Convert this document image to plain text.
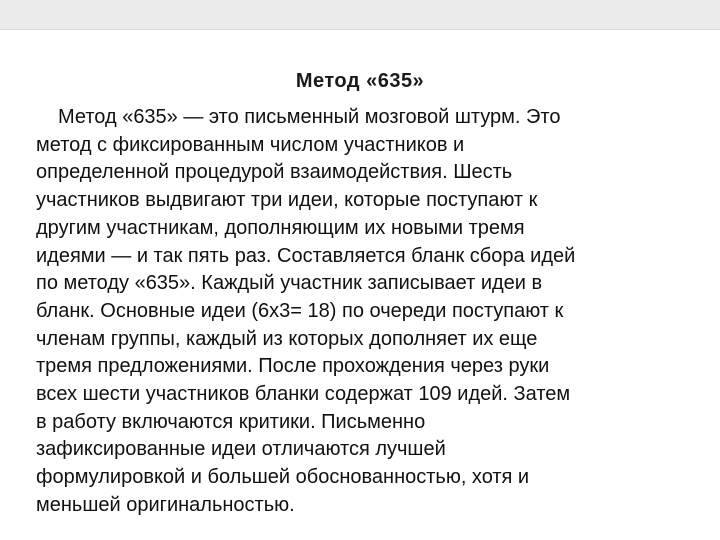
Метод «635»
Метод «635» — это письменный мозговой штурм. Это
метод с фиксированным числом участников и
определенной процедурой взаимодействия. Шесть
участников выдвигают три идеи, которые поступают к
другим участникам, дополняющим их новыми тремя
идеями — и так пять раз. Составляется бланк сбора идей
по методу «635». Каждый участник записывает идеи в
бланк. Основные идеи (6х3= 18) по очереди поступают к
членам группы, каждый из которых дополняет их еще
тремя предложениями. После прохождения через руки
всех шести участников бланки содержат 109 идей. Затем
в работу включаются критики. Письменно
зафиксированные идеи отличаются лучшей
формулировкой и большей обоснованностью, хотя и
меньшей оригинальностью.
